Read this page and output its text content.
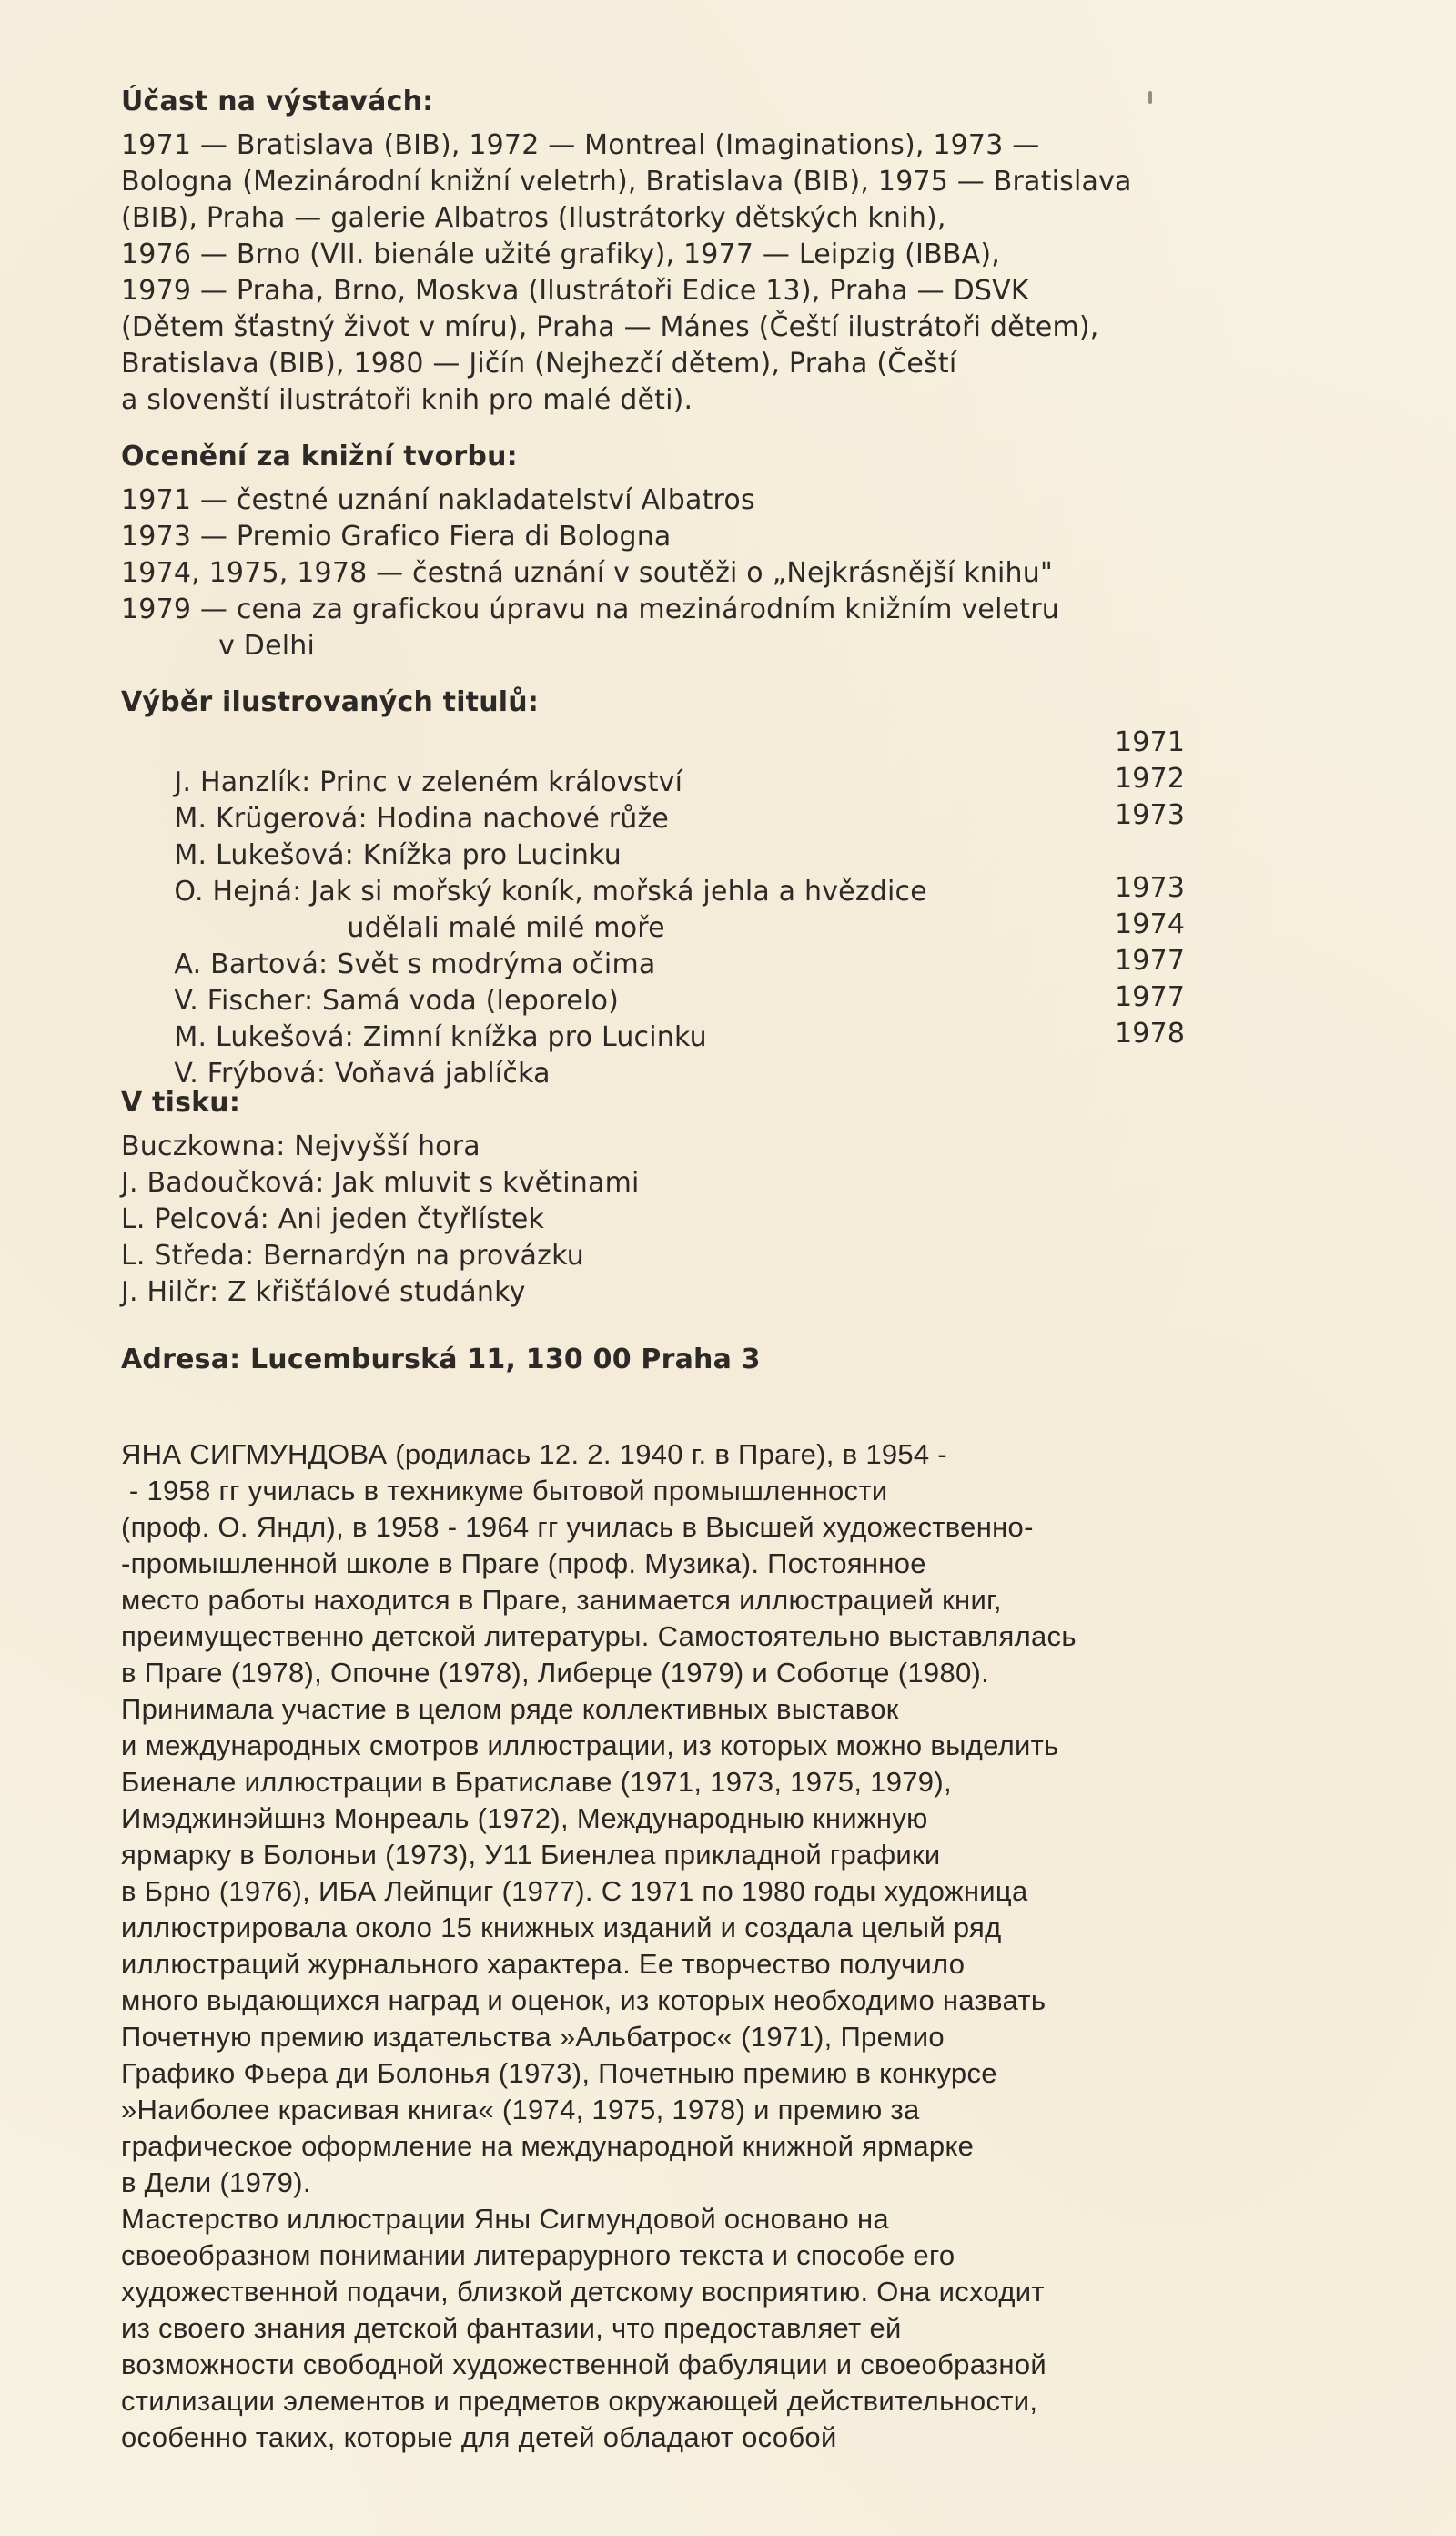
Účast na výstavách:
1971 — Bratislava (BIB), 1972 — Montreal (Imaginations), 1973 —
Bologna (Mezinárodní knižní veletrh), Bratislava (BIB), 1975 — Bratislava
(BIB), Praha — galerie Albatros (Ilustrátorky dětských knih),
1976 — Brno (VII. bienále užité grafiky), 1977 — Leipzig (IBBA),
1979 — Praha, Brno, Moskva (Ilustrátoři Edice 13), Praha — DSVK
(Dětem šťastný život v míru), Praha — Mánes (Čeští ilustrátoři dětem),
Bratislava (BIB), 1980 — Jičín (Nejhezčí dětem), Praha (Čeští
a slovenští ilustrátoři knih pro malé děti).
Ocenění za knižní tvorbu:
1971 — čestné uznání nakladatelství Albatros
1973 — Premio Grafico Fiera di Bologna
1974, 1975, 1978 — čestná uznání v soutěži o „Nejkrásnější knihu"
1979 — cena za grafickou úpravu na mezinárodním knižním veletru
v Delhi
Výběr ilustrovaných titulů:

J. Hanzlík: Princ v zeleném království

1971

M. Krügerová: Hodina nachové růže

1972

M. Lukešová: Knížka pro Lucinku

1973

O. Hejná: Jak si mořský koník, mořská jehla a hvězdice

udělali malé milé moře

1973

A. Bartová: Svět s modrýma očima

1974

V. Fischer: Samá voda (leporelo)

1977

M. Lukešová: Zimní knížka pro Lucinku

1977

V. Frýbová: Voňavá jablíčka

1978

V tisku:
Buczkowna: Nejvyšší hora
J. Badoučková: Jak mluvit s květinami
L. Pelcová: Ani jeden čtyřlístek
L. Středa: Bernardýn na provázku
J. Hilčr: Z křišťálové studánky
Adresa: Lucemburská 11, 130 00 Praha 3
ЯНА СИГМУНДОВА (родилась 12. 2. 1940 г. в Праге), в 1954 -
- 1958 гг училась в техникуме бытовой промышленности
(проф. О. Яндл), в 1958 - 1964 гг училась в Высшей художественно-
-промышленной школе в Праге (проф. Музика). Постоянное
место работы находится в Праге, занимается иллюстрацией книг,
преимущественно детской литературы. Самостоятельно выставлялась
в Праге (1978), Опочне (1978), Либерце (1979) и Соботце (1980).
Принимала участие в целом ряде коллективных выставок
и международных смотров иллюстрации, из которых можно выделить
Биенале иллюстрации в Братиславе (1971, 1973, 1975, 1979),
Имэджинэйшнз Монреаль (1972), Международныю книжную
ярмарку в Болоньи (1973), У11 Биенлеа прикладной графики
в Брно (1976), ИБА Лейпциг (1977). С 1971 по 1980 годы художница
иллюстрировала около 15 книжных изданий и создала целый ряд
иллюстраций журнального характера. Ее творчество получило
много выдающихся наград и оценок, из которых необходимо назвать
Почетную премию издательства »Альбатрос« (1971), Премио
Графико Фьера ди Болонья (1973), Почетныю премию в конкурсе
»Наиболее красивая книга« (1974, 1975, 1978) и премию за
графическое оформление на международной книжной ярмарке
в Дели (1979).
Мастерство иллюстрации Яны Сигмундовой основано на
своеобразном понимании литерарурного текста и способе его
художественной подачи, близкой детскому восприятию. Она исходит
из своего знания детской фантазии, что предоставляет ей
возможности свободной художественной фабуляции и своеобразной
стилизации элементов и предметов окружающей действительности,
особенно таких, которые для детей обладают особой
